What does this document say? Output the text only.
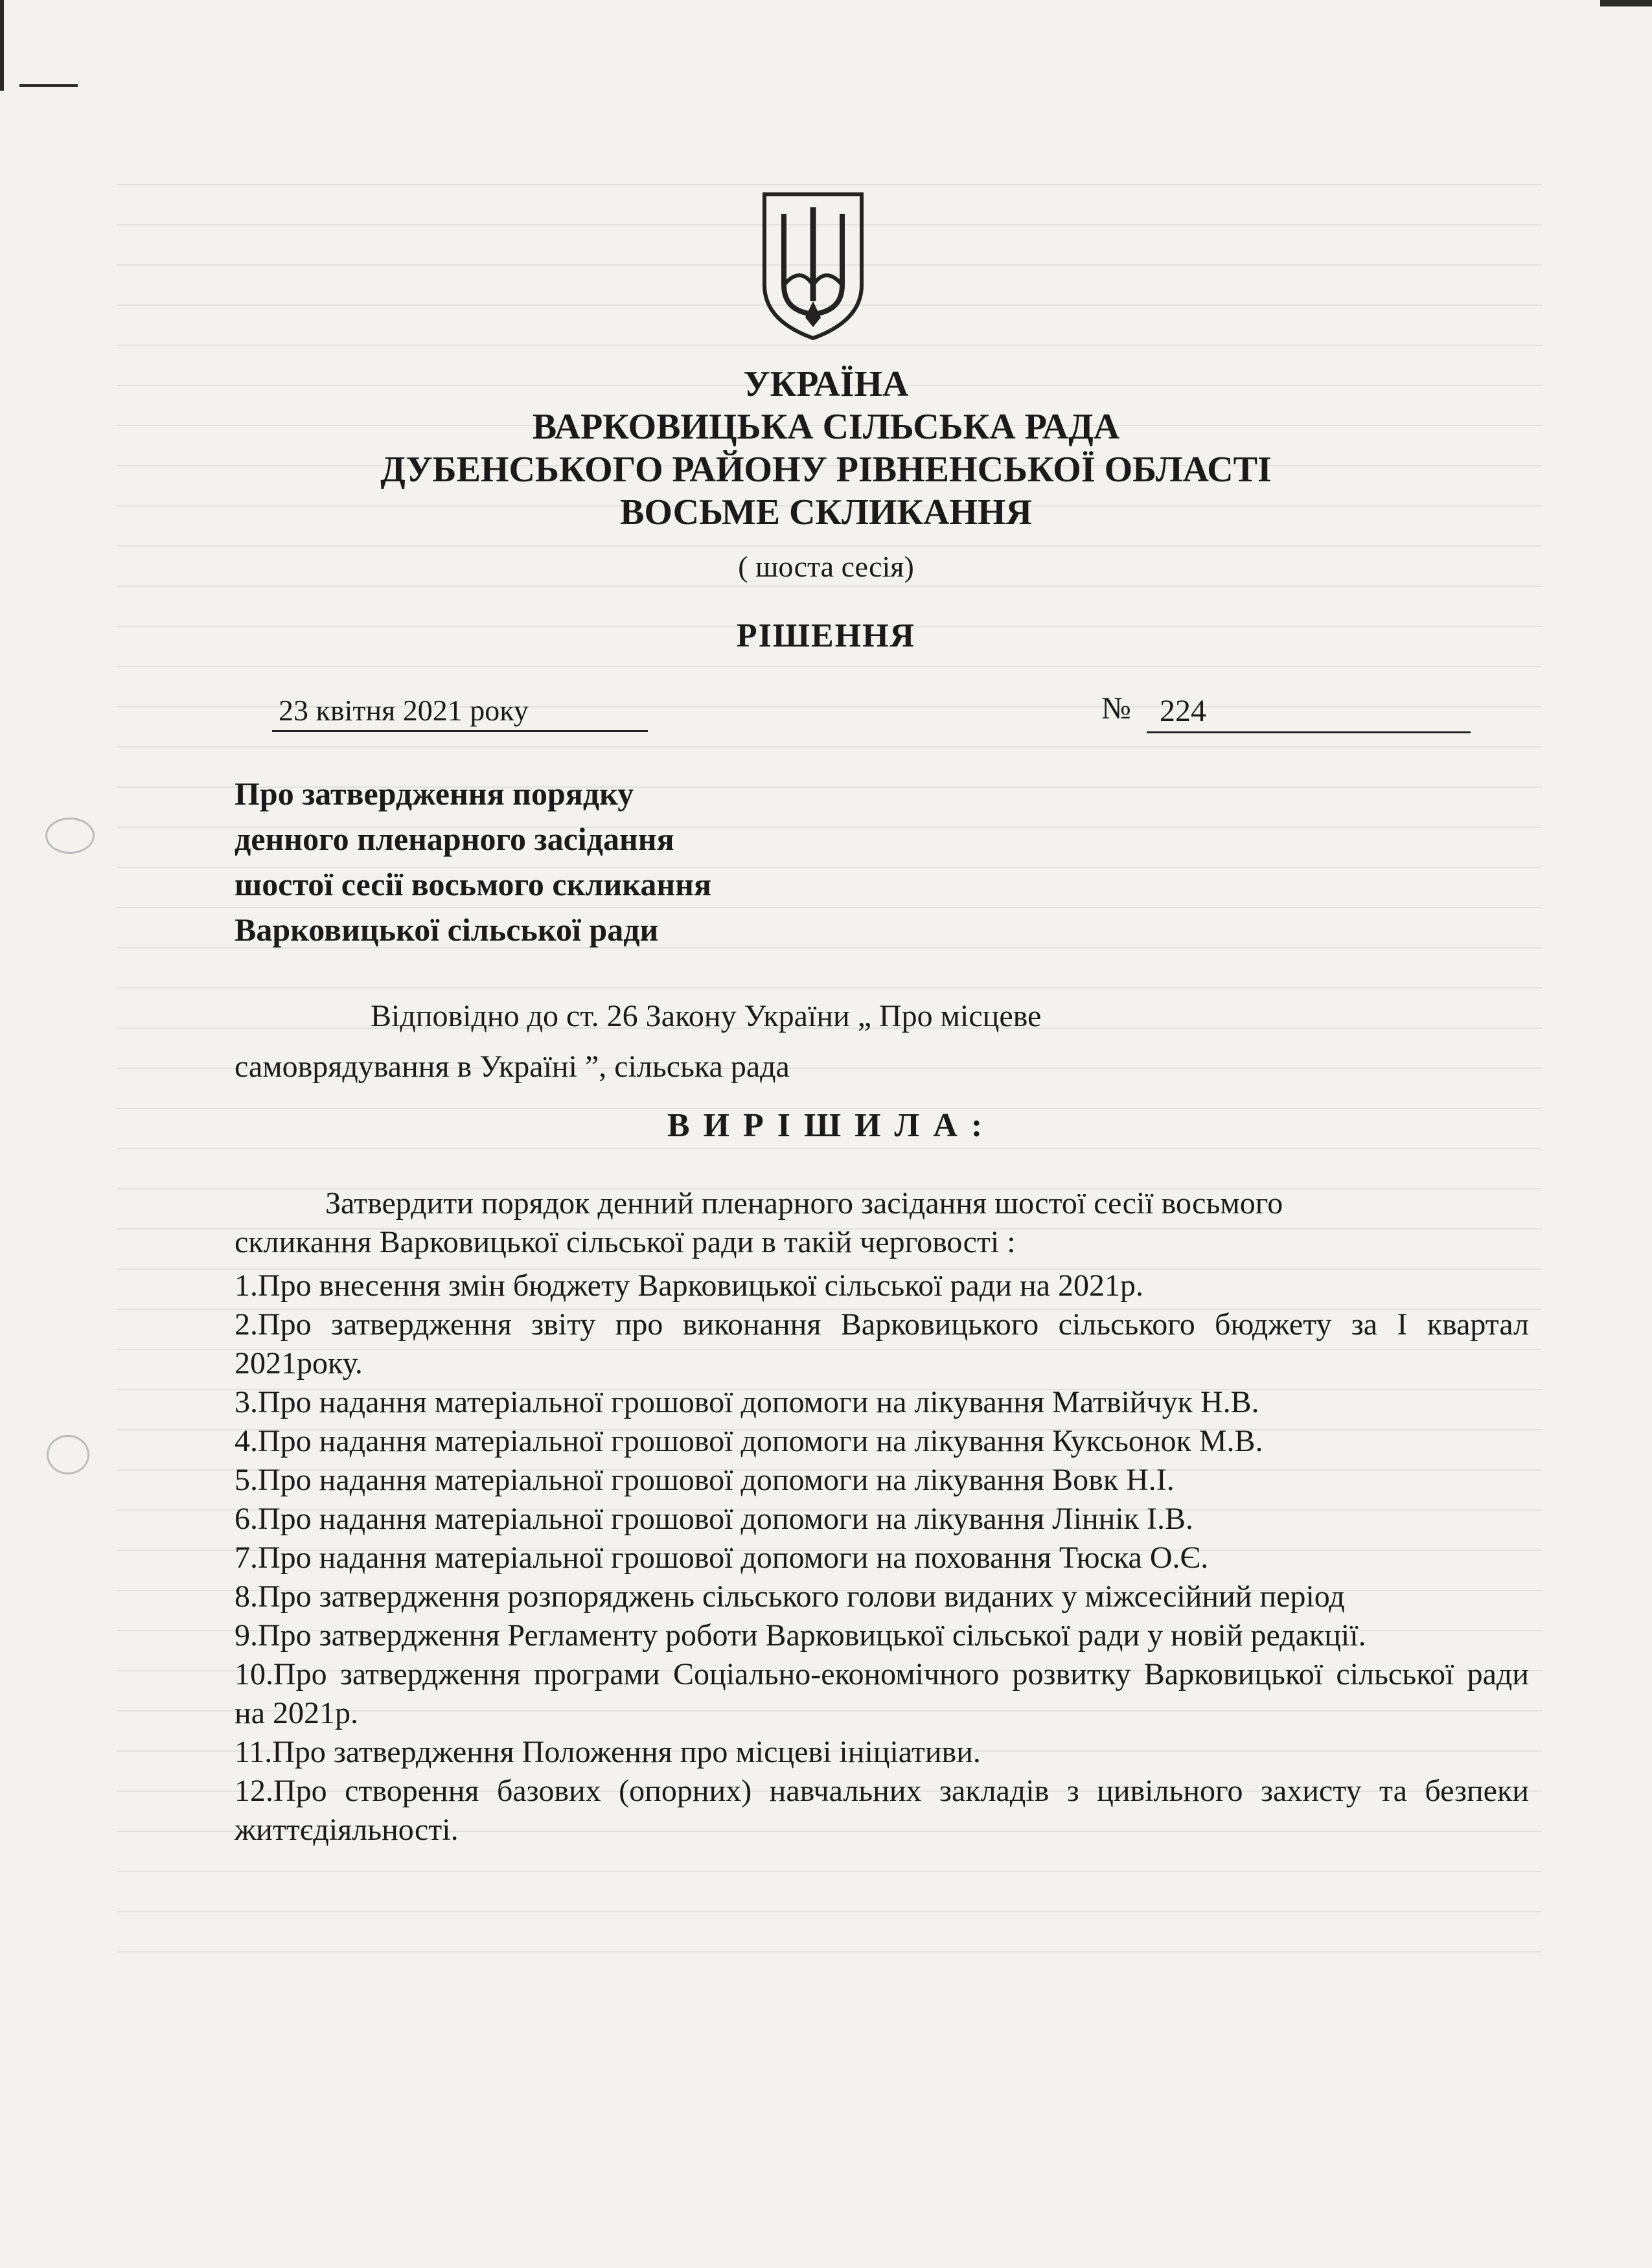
УКРАЇНА
ВАРКОВИЦЬКА СІЛЬСЬКА РАДА
ДУБЕНСЬКОГО РАЙОНУ РІВНЕНСЬКОЇ ОБЛАСТІ
ВОСЬМЕ СКЛИКАННЯ
( шоста сесія)
РІШЕННЯ
23 квітня 2021 року	№ 224
Про затвердження порядку
денного пленарного засідання
шостої сесії восьмого скликання
Варковицької сільської ради
Відповідно до ст. 26 Закону України „ Про місцеве
самоврядування в Україні ”, сільська рада
В И Р І Ш И Л А :
Затвердити порядок денний пленарного засідання шостої сесії восьмого
скликання Варковицької сільської ради в такій черговості :

1.Про внесення змін бюджету Варковицької сільської ради на 2021р.

2.Про затвердження звіту про виконання Варковицького сільського бюджету за І квартал 2021року.

3.Про надання матеріальної грошової допомоги на лікування Матвійчук Н.В.

4.Про надання матеріальної грошової допомоги на лікування Куксьонок М.В.

5.Про надання матеріальної грошової допомоги на лікування Вовк Н.І.

6.Про надання матеріальної грошової допомоги на лікування Ліннік І.В.

7.Про надання матеріальної грошової допомоги на поховання Тюска О.Є.

8.Про затвердження розпоряджень сільського голови виданих у міжсесійний період

9.Про затвердження Регламенту роботи Варковицької сільської ради у новій редакції.

10.Про затвердження програми Соціально-економічного розвитку Варковицької сільської ради на 2021р.

11.Про затвердження Положення про місцеві ініціативи.

12.Про створення базових (опорних) навчальних закладів з цивільного захисту та безпеки життєдіяльності.
